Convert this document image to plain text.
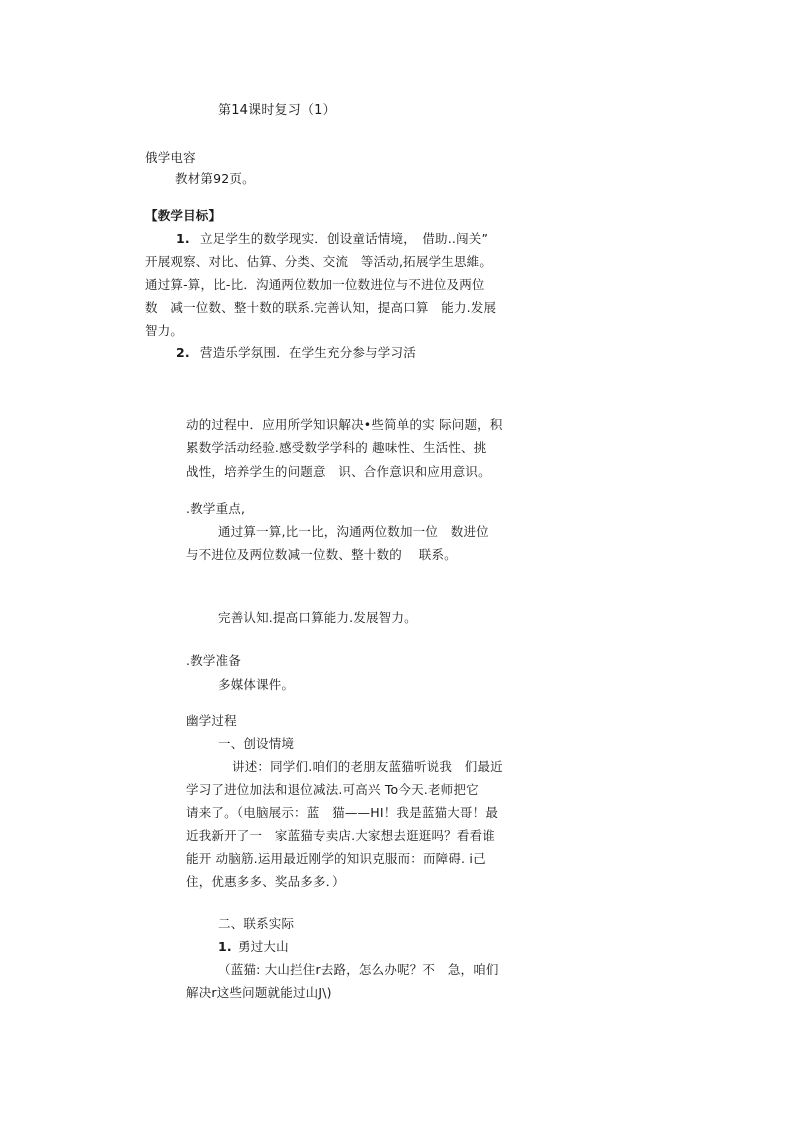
第14课时复习（1）
俄学电容
教材第92页。
【教学目标】
1. 立足学生的数学现实．创设童话情境，　借助..闯关”
开展观察、对比、估算、分类、交流　等活动,拓展学生思維。
通过算-算，比-比．沟通两位数加一位数进位与不进位及两位
数　减一位数、整十数的联系.完善认知，提高口算　能力.发展
智力。
2. 营造乐学氛围．在学生充分参与学习活
动的过程中．应用所学知识解决•些简单的实 际问题，积
累数学活动经验.感受数学学科的 趣味性、生活性、挑
战性，培养学生的问题意　识、合作意识和应用意识。
.教学重点,
通过算一算,比一比，沟通两位数加一位　数进位
与不进位及两位数减一位数、整十数的　 联系。
完善认知.提高口算能力.发展智力。
.教学准备
多媒体课件。
幽学过程
一、创设情境
讲述：同学们.咱们的老朋友蓝猫听说我　们最近
学习了进位加法和退位减法.可高兴 To今天.老师把它
请来了。（电脑展示：蓝　猫——HI！我是蓝猫大哥！最
近我新开了一　家蓝猫专卖店.大家想去逛逛吗？看看谁
能开 动脑筋.运用最近刚学的知识克服而：而障碍. i己
住，优惠多多、奖品多多．）
二、联系实际
1. 勇过大山
（蓝猫: 大山拦住r去路，怎么办呢？不　急，咱们
解决r这些问题就能过山J\)
